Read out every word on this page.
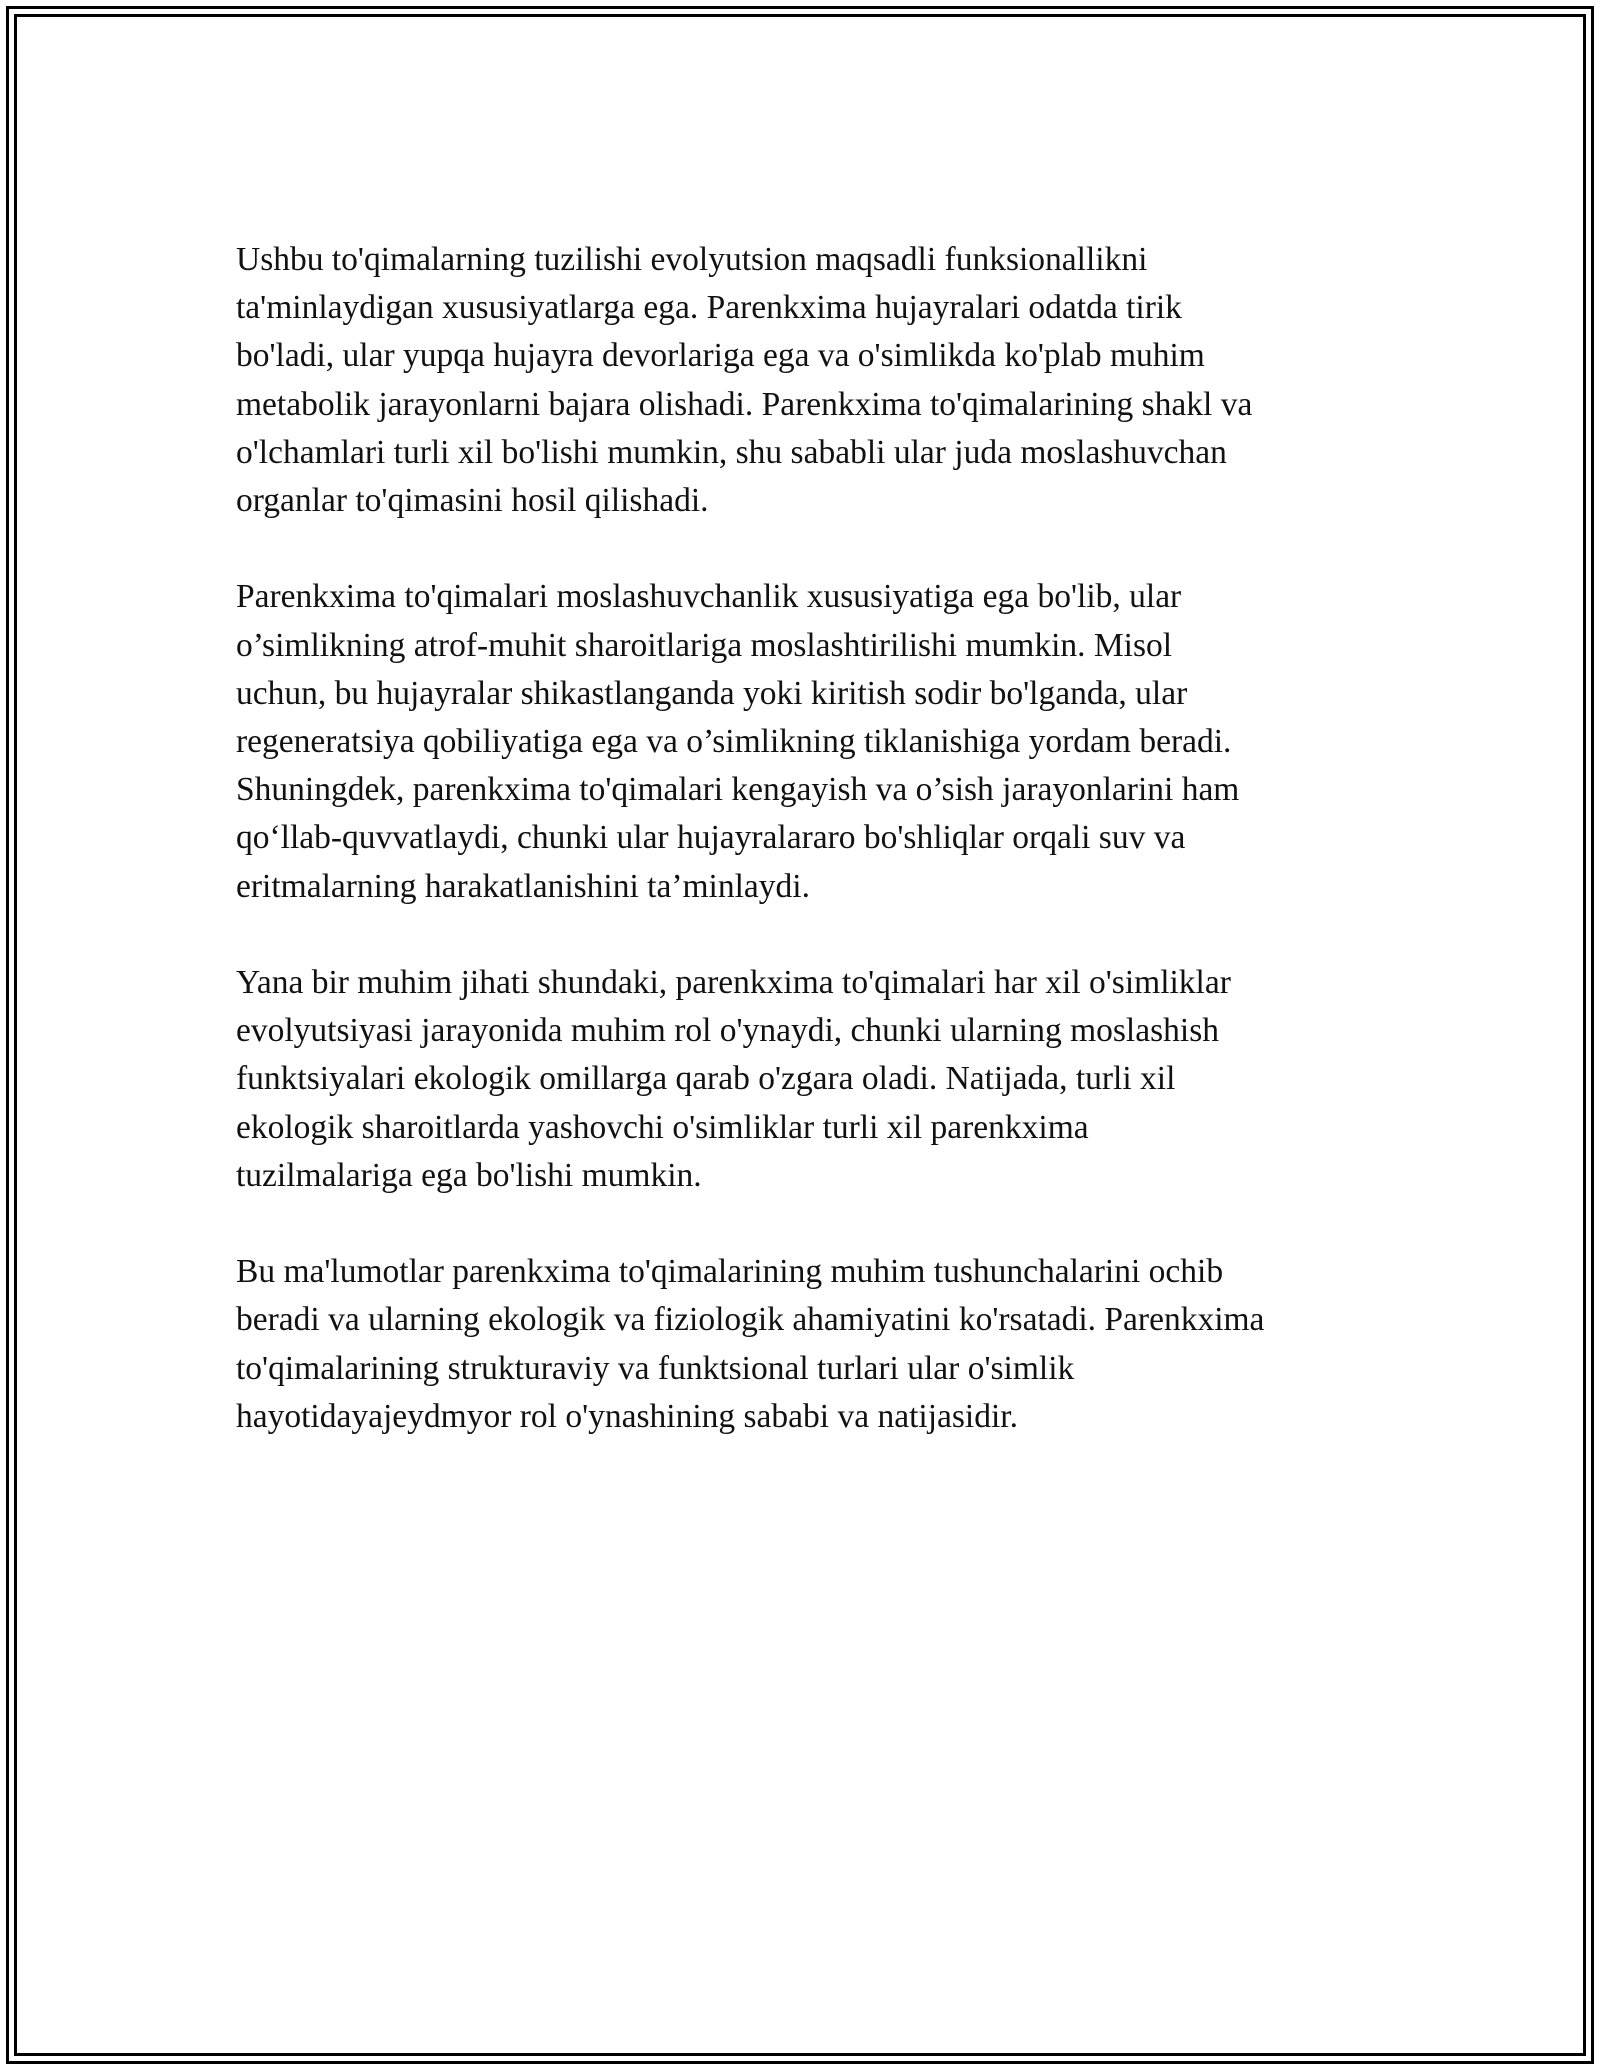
Ushbu to'qimalarning tuzilishi evolyutsion maqsadli funksionallikni
ta'minlaydigan xususiyatlarga ega. Parenkxima hujayralari odatda tirik
bo'ladi, ular yupqa hujayra devorlariga ega va o'simlikda ko'plab muhim
metabolik jarayonlarni bajara olishadi. Parenkxima to'qimalarining shakl va
o'lchamlari turli xil bo'lishi mumkin, shu sababli ular juda moslashuvchan
organlar to'qimasini hosil qilishadi.

Parenkxima to'qimalari moslashuvchanlik xususiyatiga ega bo'lib, ular
o’simlikning atrof-muhit sharoitlariga moslashtirilishi mumkin. Misol
uchun, bu hujayralar shikastlanganda yoki kiritish sodir bo'lganda, ular
regeneratsiya qobiliyatiga ega va o’simlikning tiklanishiga yordam beradi.
Shuningdek, parenkxima to'qimalari kengayish va o’sish jarayonlarini ham
qo‘llab-quvvatlaydi, chunki ular hujayralararo bo'shliqlar orqali suv va
eritmalarning harakatlanishini ta’minlaydi.

Yana bir muhim jihati shundaki, parenkxima to'qimalari har xil o'simliklar
evolyutsiyasi jarayonida muhim rol o'ynaydi, chunki ularning moslashish
funktsiyalari ekologik omillarga qarab o'zgara oladi. Natijada, turli xil
ekologik sharoitlarda yashovchi o'simliklar turli xil parenkxima
tuzilmalariga ega bo'lishi mumkin.

Bu ma'lumotlar parenkxima to'qimalarining muhim tushunchalarini ochib
beradi va ularning ekologik va fiziologik ahamiyatini ko'rsatadi. Parenkxima
to'qimalarining strukturaviy va funktsional turlari ular o'simlik
hayotidayajeydmyor rol o'ynashining sababi va natijasidir.
